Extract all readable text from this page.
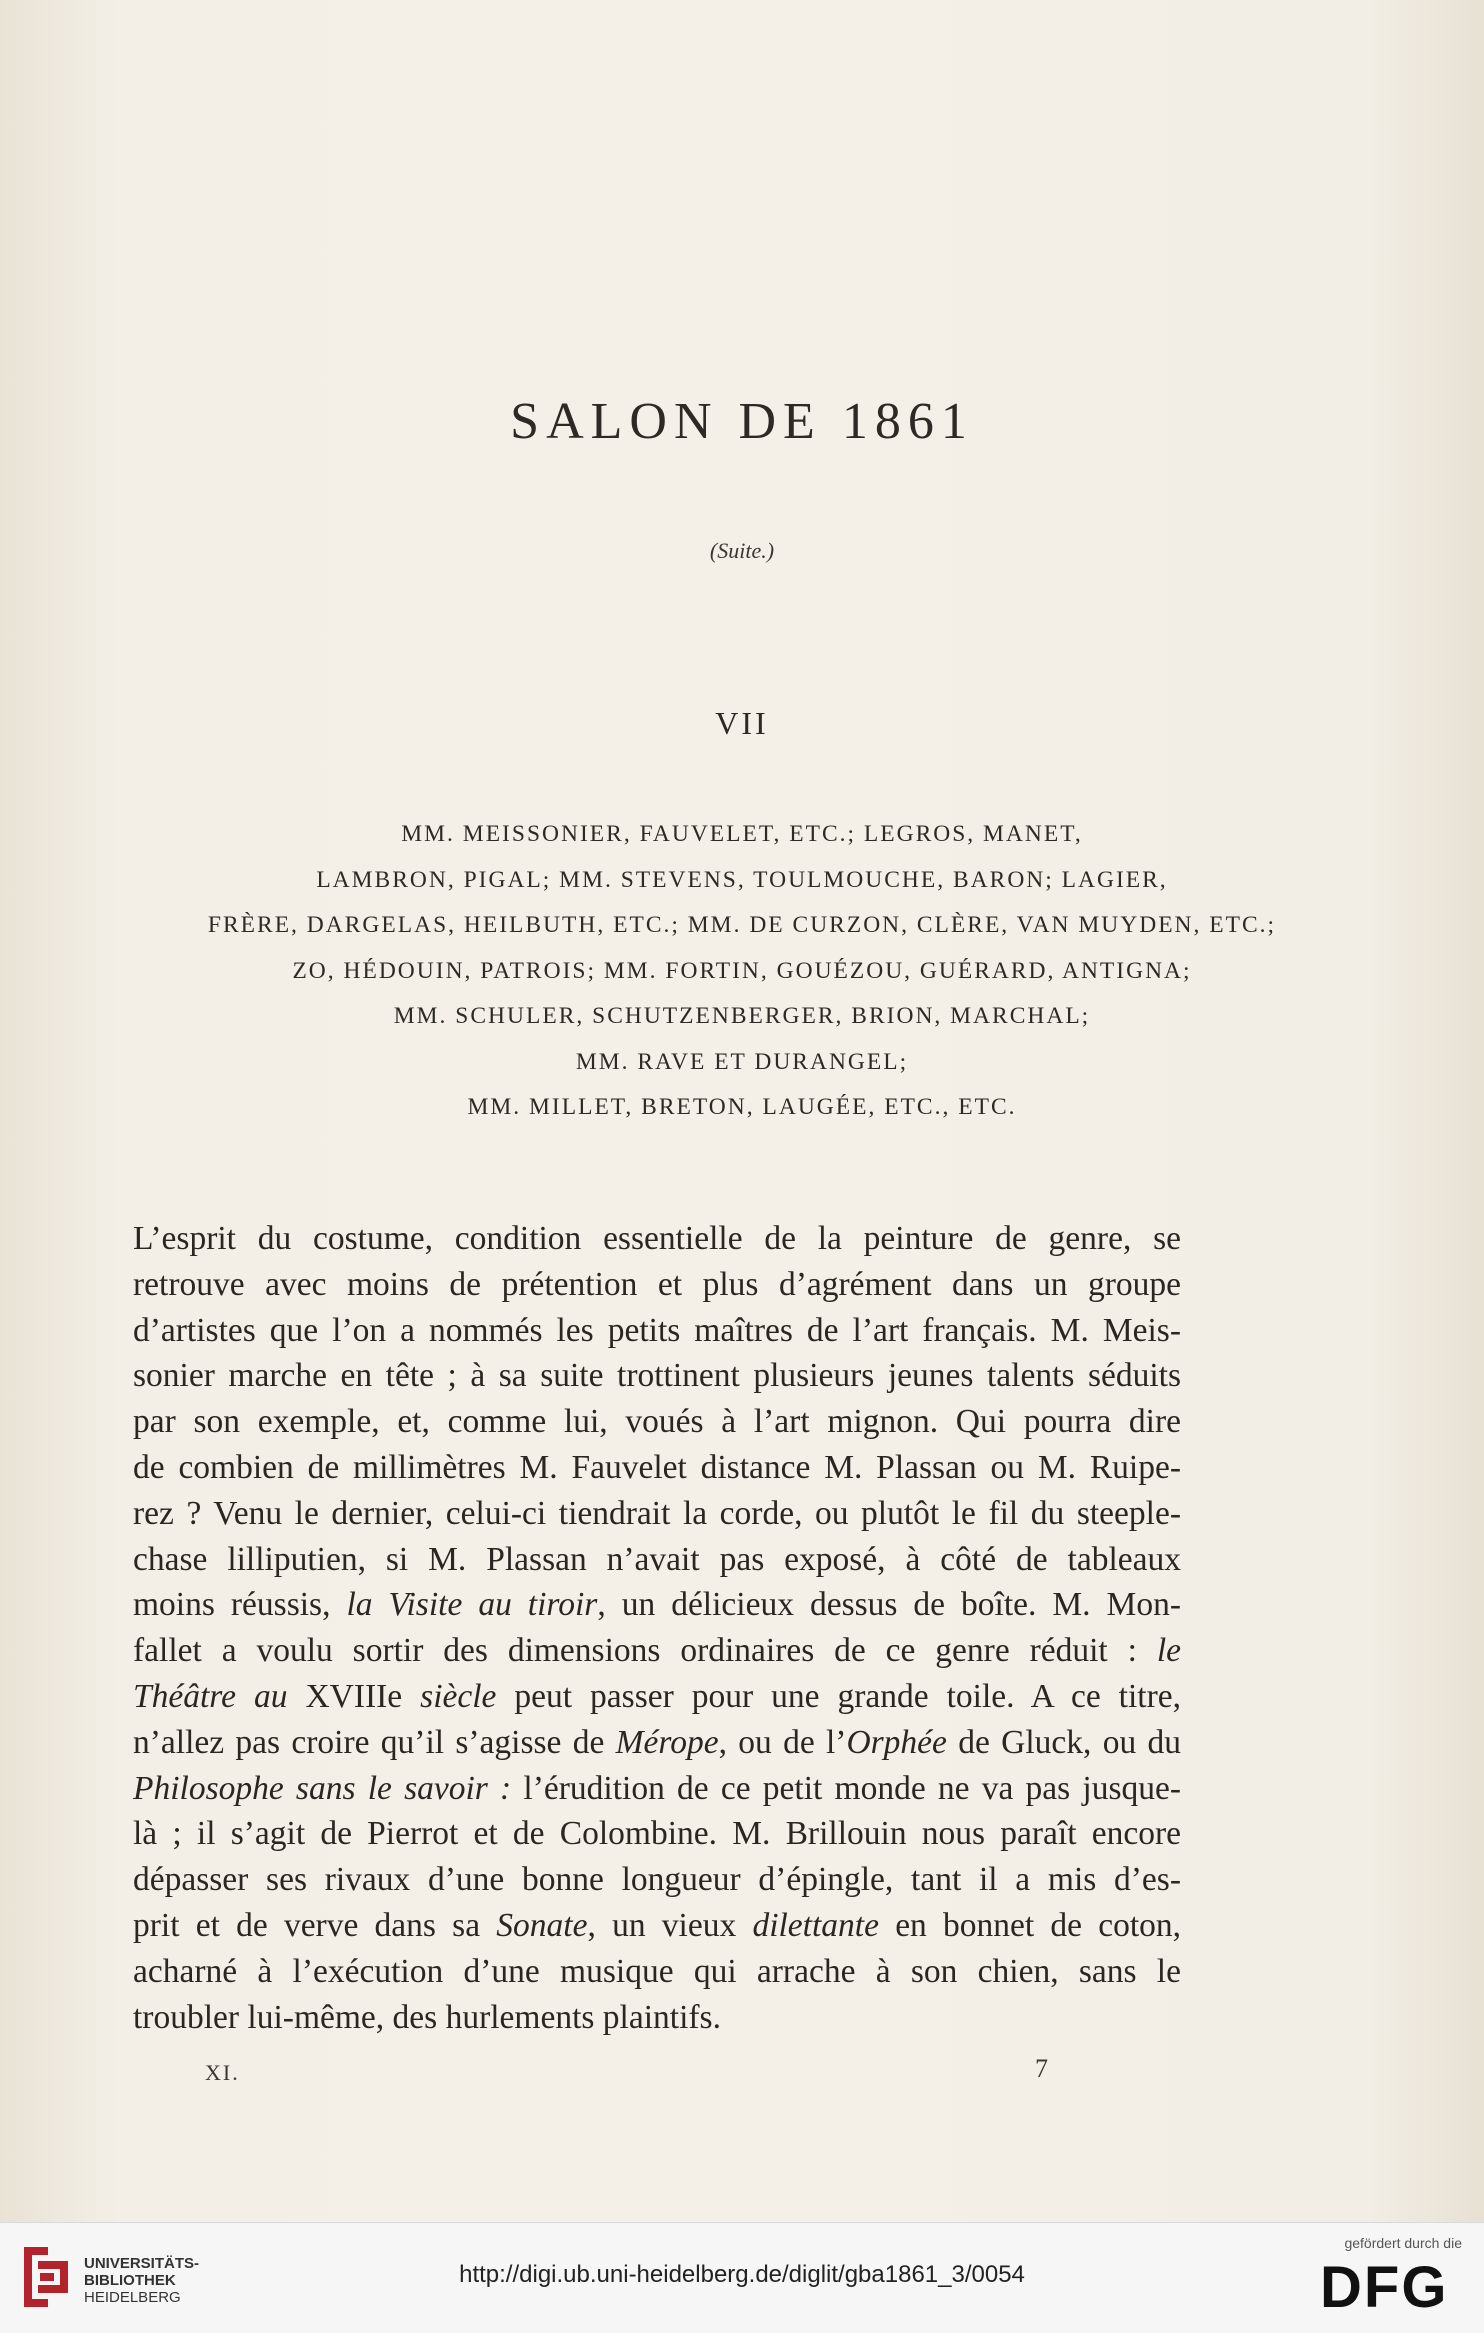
SALON DE 1861
(Suite.)
VII
MM. MEISSONIER, FAUVELET, ETC.; LEGROS, MANET,
LAMBRON, PIGAL; MM. STEVENS, TOULMOUCHE, BARON; LAGIER,
FRÈRE, DARGELAS, HEILBUTH, ETC.; MM. DE CURZON, CLÈRE, VAN MUYDEN, ETC.;
ZO, HÉDOUIN, PATROIS; MM. FORTIN, GOUÉZOU, GUÉRARD, ANTIGNA;
MM. SCHULER, SCHUTZENBERGER, BRION, MARCHAL;
MM. RAVE ET DURANGEL;
MM. MILLET, BRETON, LAUGÉE, ETC., ETC.
L’esprit du costume, condition essentielle de la peinture de genre, se
retrouve avec moins de prétention et plus d’agrément dans un groupe
d’artistes que l’on a nommés les petits maîtres de l’art français. M. Meis-
sonier marche en tête ; à sa suite trottinent plusieurs jeunes talents séduits
par son exemple, et, comme lui, voués à l’art mignon. Qui pourra dire
de combien de millimètres M. Fauvelet distance M. Plassan ou M. Ruipe-
rez ? Venu le dernier, celui-ci tiendrait la corde, ou plutôt le fil du steeple-
chase lilliputien, si M. Plassan n’avait pas exposé, à côté de tableaux
moins réussis, la Visite au tiroir, un délicieux dessus de boîte. M. Mon-
fallet a voulu sortir des dimensions ordinaires de ce genre réduit : le
Théâtre au XVIIIe siècle peut passer pour une grande toile. A ce titre,
n’allez pas croire qu’il s’agisse de Mérope, ou de l’Orphée de Gluck, ou du
Philosophe sans le savoir : l’érudition de ce petit monde ne va pas jusque-
là ; il s’agit de Pierrot et de Colombine. M. Brillouin nous paraît encore
dépasser ses rivaux d’une bonne longueur d’épingle, tant il a mis d’es-
prit et de verve dans sa Sonate, un vieux dilettante en bonnet de coton,
acharné à l’exécution d’une musique qui arrache à son chien, sans le
troubler lui-même, des hurlements plaintifs.
XI.	7
UNIVERSITÄTS-
BIBLIOTHEK
HEIDELBERG
http://digi.ub.uni-heidelberg.de/diglit/gba1861_3/0054
gefördert durch die
DFG
